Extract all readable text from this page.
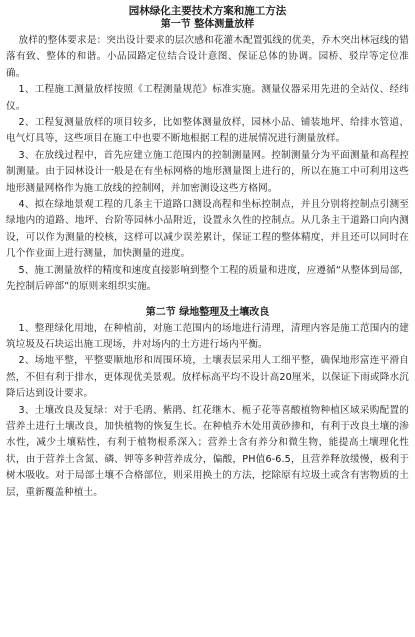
园林绿化主要技术方案和施工方法
第一节 整体测量放样

放样的整体要求是：突出设计要求的层次感和花灌木配置弧线的优美，乔木突出林冠线的错落有致、整体的和谐。小品园路定位结合设计意图、保证总体的协调。园桥、驳岸等定位准确。

1、工程施工测量放样按照《工程测量规范》标准实施。测量仪器采用先进的全站仪、经纬仪。

2、工程复测量放样的项目较多，比如整体测量放样，园林小品、铺装地坪、给排水管道、电气灯具等，这些项目在施工中也要不断地根据工程的进展情况进行测量放样。

3、在放线过程中，首先应建立施工范围内的控制测量网。控制测量分为平面测量和高程控制测量。由于园林设计一般是在有坐标网格的地形测量图上进行的，所以在施工中可利用这些地形测量网格作为施工放线的控制网，并加密测设这些方格网。

4、拟在绿地景观工程的几条主干道路口测设高程和坐标控制点，并且分别将控制点引测至绿地内的道路、地坪、台阶等园林小品附近，设置永久性的控制点。从几条主干道路口向内测设，可以作为测量的校核，这样可以减少误差累计，保证工程的整体精度，并且还可以同时在几个作业面上进行测量，加快测量的进度。

5、施工测量放样的精度和速度直接影响到整个工程的质量和进度，应遵循“从整体到局部，先控制后碎部”的原则来组织实施。

第二节 绿地整理及土壤改良

1、整理绿化用地，在种植前，对施工范围内的场地进行清理，清理内容是施工范围内的建筑垃圾及石块运出施工现场，并对场内的土方进行场内平衡。

2、场地平整，平整要顺地形和周围环境，土壤表层采用人工细平整，确保地形富连平滑自然，不但有利于排水，更体现优美景观。放样标高平均不设计高20厘米，以保证下雨或降水沉降后达到设计要求。

3、土壤改良及复绿：对于毛鹃、紫鹃、红花继木、栀子花等喜酸植物种植区域采购配置的营养土进行土壤改良，加快植物的恢复生长。在种植乔木处用黄砂掺和，有利于改良土壤的渗水性，减少土壤粘性，有利于植物根系深入；营养土含有养分和微生物，能提高土壤理化性状，由于营养土含氮、磷、钾等多种营养成分，偏酸，PH值6-6.5，且营养释放缓慢，极利于树木吸收。对于局部土壤不合格部位，则采用换土的方法，挖除原有垃圾土或含有害物质的土层，重新覆盖种植土。
